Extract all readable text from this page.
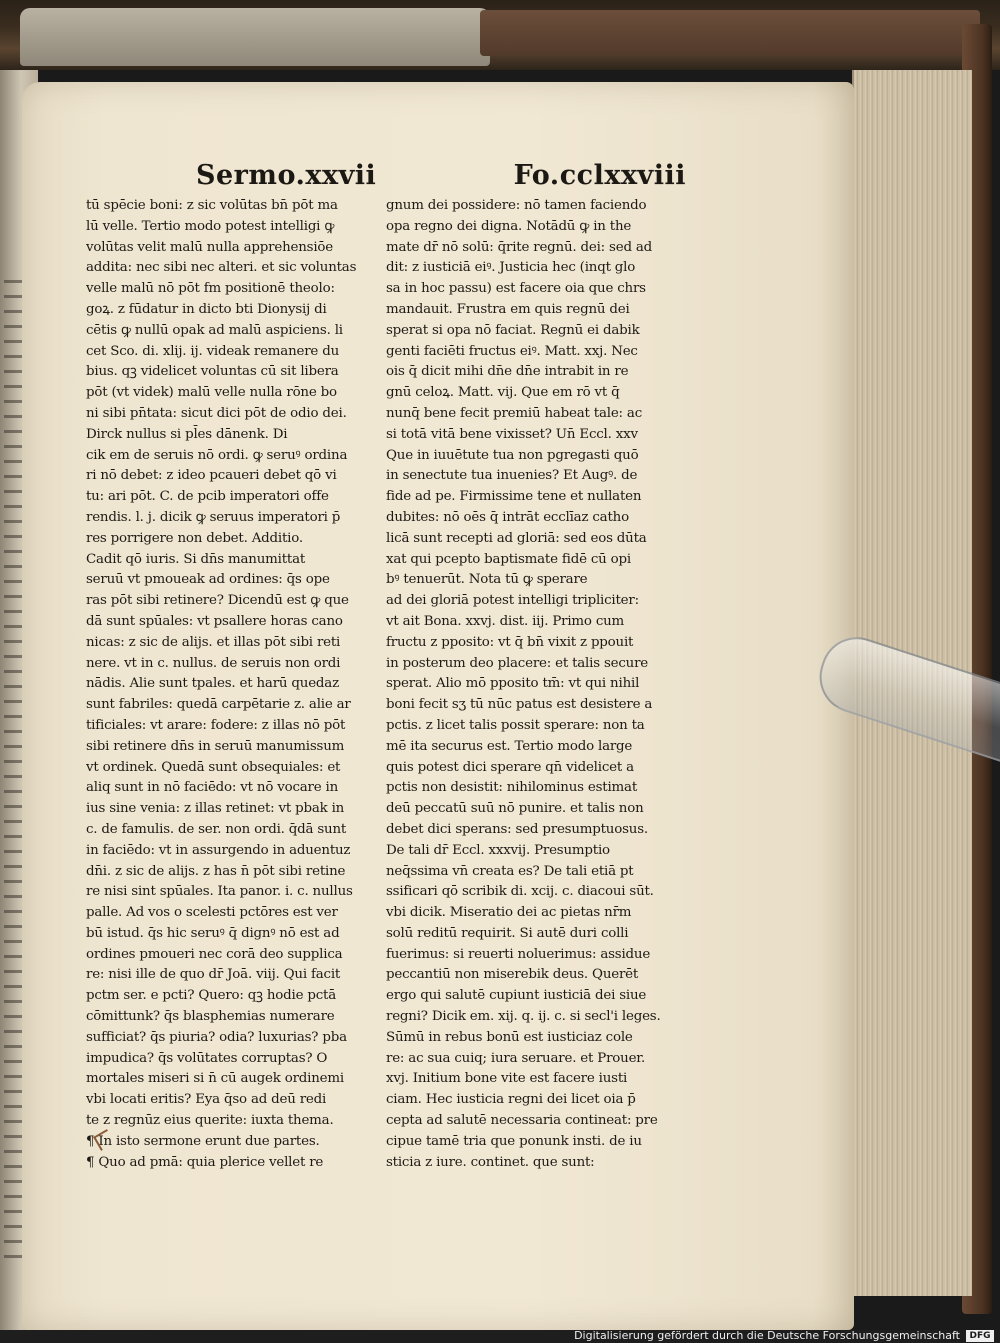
Sermo.xxvii	Fo.cclxxviii
tū spēcie boni: z sic volūtas bn̄ pōt ma
lū velle. Tertio modo potest intelligi ꝙ
volūtas velit malū nulla apprehensiōe
addita: nec sibi nec alteri. et sic voluntas
velle malū nō pōt fm positionē theolo:
goꝝ. z fūdatur in dicto bti Dionysij di
cētis ꝙ nullū opak ad malū aspiciens. li
cet Sco. di. xlij. ij. videak remanere du
bius. qꝫ videlicet voluntas cū sit libera
pōt (vt videk) malū velle nulla rōne bo
ni sibi pn̄tata: sicut dici pōt de odio dei.
Dirck nullus si pl̄es dānenk. Di
cik em de seruis nō ordi. ꝙ seruꝰ ordina
ri nō debet: z ideo pcaueri debet qō vi
tu: ari pōt. C. de pcib imperatori offe
rendis. l. j. dicik ꝙ seruus imperatori p̄
res porrigere non debet. Additio.
Cadit qō iuris. Si dn̄s manumittat
seruū vt pmoueak ad ordines: q̄s ope
ras pōt sibi retinere? Dicendū est ꝙ que
dā sunt spūales: vt psallere horas cano
nicas: z sic de alijs. et illas pōt sibi reti
nere. vt in c. nullus. de seruis non ordi
nādis. Alie sunt tpales. et harū quedaz
sunt fabriles: quedā carpētarie z. alie ar
tificiales: vt arare: fodere: z illas nō pōt
sibi retinere dn̄s in seruū manumissum
vt ordinek. Quedā sunt obsequiales: et
aliq sunt in nō faciēdo: vt nō vocare in
ius sine venia: z illas retinet: vt pbak in
c. de famulis. de ser. non ordi. q̄dā sunt
in faciēdo: vt in assurgendo in aduentuz
dn̄i. z sic de alijs. z has n̄ pōt sibi retine
re nisi sint spūales. Ita panor. i. c. nullus
palle. Ad vos o scelesti pctōres est ver
bū istud. q̄s hic seruꝰ q̄ dignꝰ nō est ad
ordines pmoueri nec corā deo supplica
re: nisi ille de quo dr̄ Joā. viij. Qui facit
pctm ser. e pcti? Quero: qꝫ hodie pctā
cōmittunk? q̄s blasphemias numerare
sufficiat? q̄s piuria? odia? luxurias? pba
impudica? q̄s volūtates corruptas? O
mortales miseri si n̄ cū augek ordinemi
vbi locati eritis? Eya q̄so ad deū redi
te z regnūz eius querite: iuxta thema.
¶ In isto sermone erunt due partes.
¶ Quo ad pmā: quia plerice vellet re
gnum dei possidere: nō tamen faciendo
opa regno dei digna. Notādū ꝙ in the
mate dr̄ nō solū: q̄rite regnū. dei: sed ad
dit: z iusticiā eiꝰ. Justicia hec (inqt glo
sa in hoc passu) est facere oia que chrs
mandauit. Frustra em quis regnū dei
sperat si opa nō faciat. Regnū ei dabik
genti faciēti fructus eiꝰ. Matt. xxj. Nec
ois q̄ dicit mihi dn̄e dn̄e intrabit in re
gnū celoꝝ. Matt. vij. Que em rō vt q̄
nunq̄ bene fecit premiū habeat tale: ac
si totā vitā bene vixisset? Un̄ Eccl. xxv
Que in iuuētute tua non pgregasti quō
in senectute tua inuenies? Et Augꝰ. de
fide ad pe. Firmissime tene et nullaten
dubites: nō oēs q̄ intrāt ecclīaz catho
licā sunt recepti ad gloriā: sed eos dūta
xat qui pcepto baptismate fidē cū opi
bꝰ tenuerūt. Nota tū ꝙ sperare
ad dei gloriā potest intelligi tripliciter:
vt ait Bona. xxvj. dist. iij. Primo cum
fructu z pposito: vt q̄ bn̄ vixit z ppouit
in posterum deo placere: et talis secure
sperat. Alio mō pposito tm̄: vt qui nihil
boni fecit sʒ tū nūc patus est desistere a
pctis. z licet talis possit sperare: non ta
mē ita securus est. Tertio modo large
quis potest dici sperare qn̄ videlicet a
pctis non desistit: nihilominus estimat
deū peccatū suū nō punire. et talis non
debet dici sperans: sed presumptuosus.
De tali dr̄ Eccl. xxxvij. Presumptio
neq̄ssima vn̄ creata es? De tali etiā pt
ssificari qō scribik di. xcij. c. diacoui sūt.
vbi dicik. Miseratio dei ac pietas nr̄m
solū reditū requirit. Si autē duri colli
fuerimus: si reuerti noluerimus: assidue
peccantiū non miserebik deus. Querēt
ergo qui salutē cupiunt iusticiā dei siue
regni? Dicik em. xij. q. ij. c. si secl'i leges.
Sūmū in rebus bonū est iusticiaz cole
re: ac sua cuiq; iura seruare. et Prouer.
xvj. Initium bone vite est facere iusti
ciam. Hec iusticia regni dei licet oia p̄
cepta ad salutē necessaria contineat: pre
cipue tamē tria que ponunk insti. de iu
sticia z iure. continet. que sunt:
Digitalisierung gefördert durch die Deutsche Forschungsgemeinschaft	DFG
